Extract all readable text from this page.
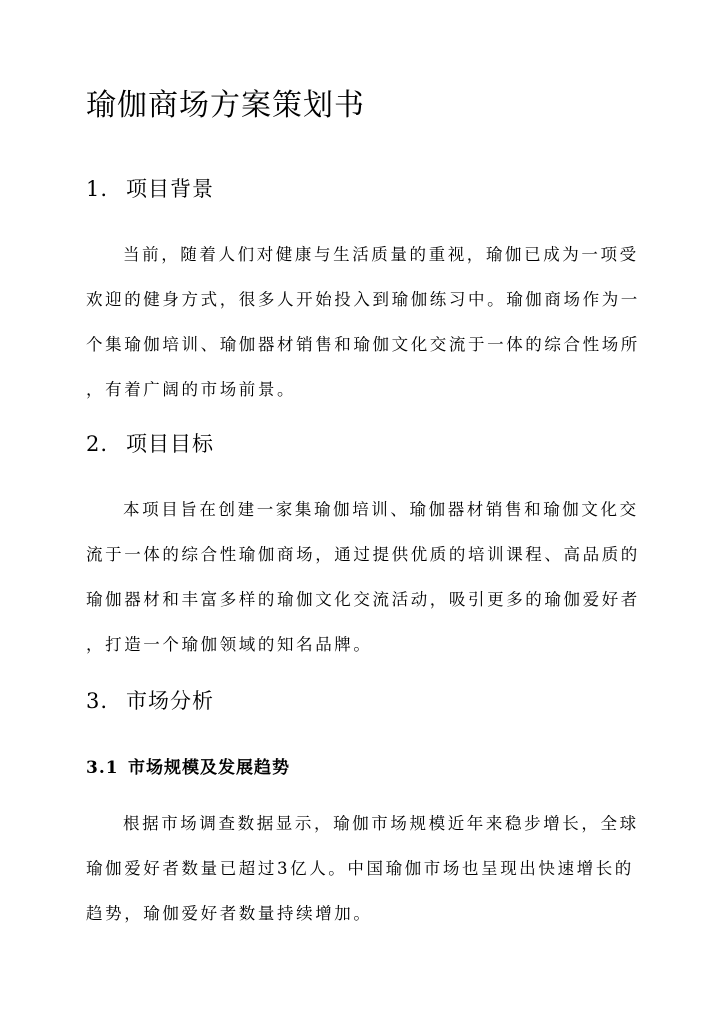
瑜伽商场方案策划书
1. 项目背景
当前，随着人们对健康与生活质量的重视，瑜伽已成为一项受
欢迎的健身方式，很多人开始投入到瑜伽练习中。瑜伽商场作为一
个集瑜伽培训、瑜伽器材销售和瑜伽文化交流于一体的综合性场所
，有着广阔的市场前景。
2. 项目目标
本项目旨在创建一家集瑜伽培训、瑜伽器材销售和瑜伽文化交
流于一体的综合性瑜伽商场，通过提供优质的培训课程、高品质的
瑜伽器材和丰富多样的瑜伽文化交流活动，吸引更多的瑜伽爱好者
，打造一个瑜伽领域的知名品牌。
3. 市场分析
3.1 市场规模及发展趋势
根据市场调查数据显示，瑜伽市场规模近年来稳步增长，全球
瑜伽爱好者数量已超过3亿人。中国瑜伽市场也呈现出快速增长的
趋势，瑜伽爱好者数量持续增加。
